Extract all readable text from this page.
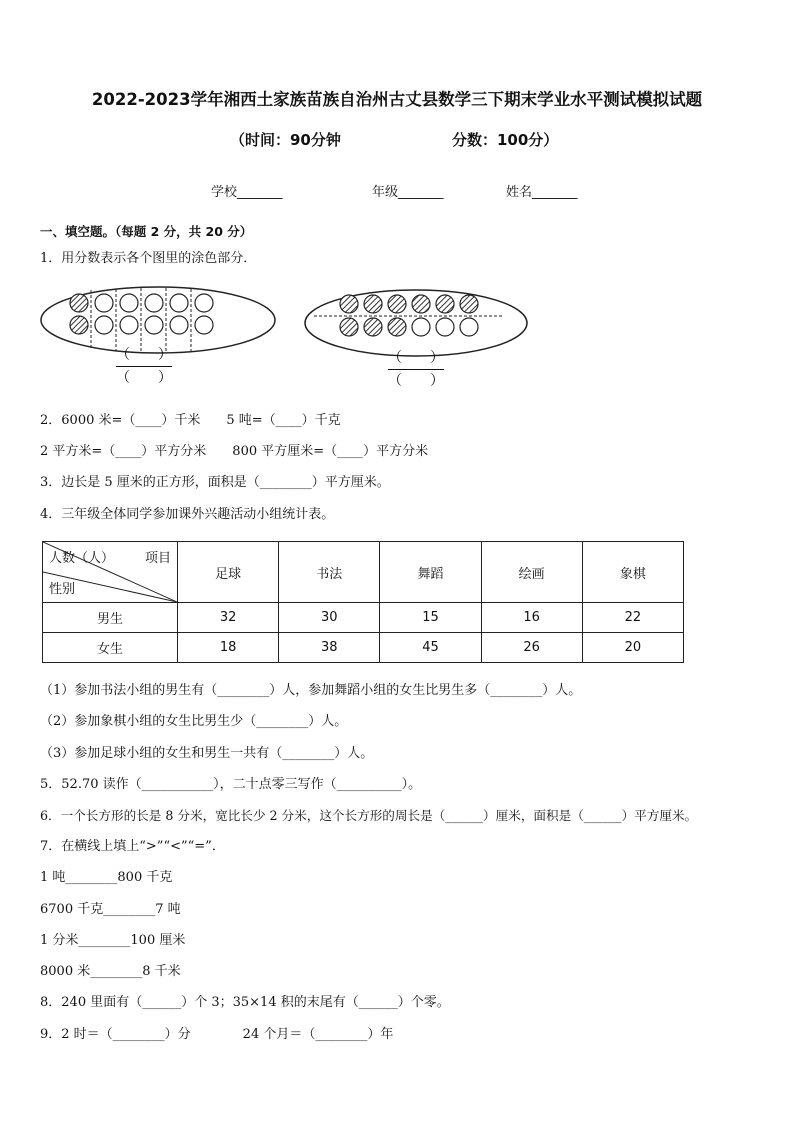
2022-2023学年湘西土家族苗族自治州古丈县数学三下期末学业水平测试模拟试题
（时间：90分钟	分数：100分）
学校_______	年级_______	姓名_______
一、填空题。（每题 2 分，共 20 分）
1．用分数表示各个图里的涂色部分．
（　　）
（　　）
（　　）
（　　）
2．6000 米=（____）千米　　5 吨=（____）千克
2 平方米=（____）平方分米　　800 平方厘米=（____）平方分米
3．边长是 5 厘米的正方形，面积是（________）平方厘米。
4．三年级全体同学参加课外兴趣活动小组统计表。
人数（人） 项目
性别	足球	书法	舞蹈	绘画	象棋
男生	32	30	15	16	22
女生	18	38	45	26	20
（1）参加书法小组的男生有（________）人，参加舞蹈小组的女生比男生多（________）人。
（2）参加象棋小组的女生比男生少（________）人。
（3）参加足球小组的女生和男生一共有（________）人。
5．52.70 读作（___________），二十点零三写作（__________）。
6．一个长方形的长是 8 分米，宽比长少 2 分米，这个长方形的周长是（______）厘米，面积是（______）平方厘米。
7．在横线上填上“>”“<”“=”．
1 吨________800 千克
6700 千克________7 吨
1 分米________100 厘米
8000 米________8 千米
8．240 里面有（______）个 3；35×14 积的末尾有（______）个零。
9．2 时＝（________）分　　　　24 个月＝（________）年
